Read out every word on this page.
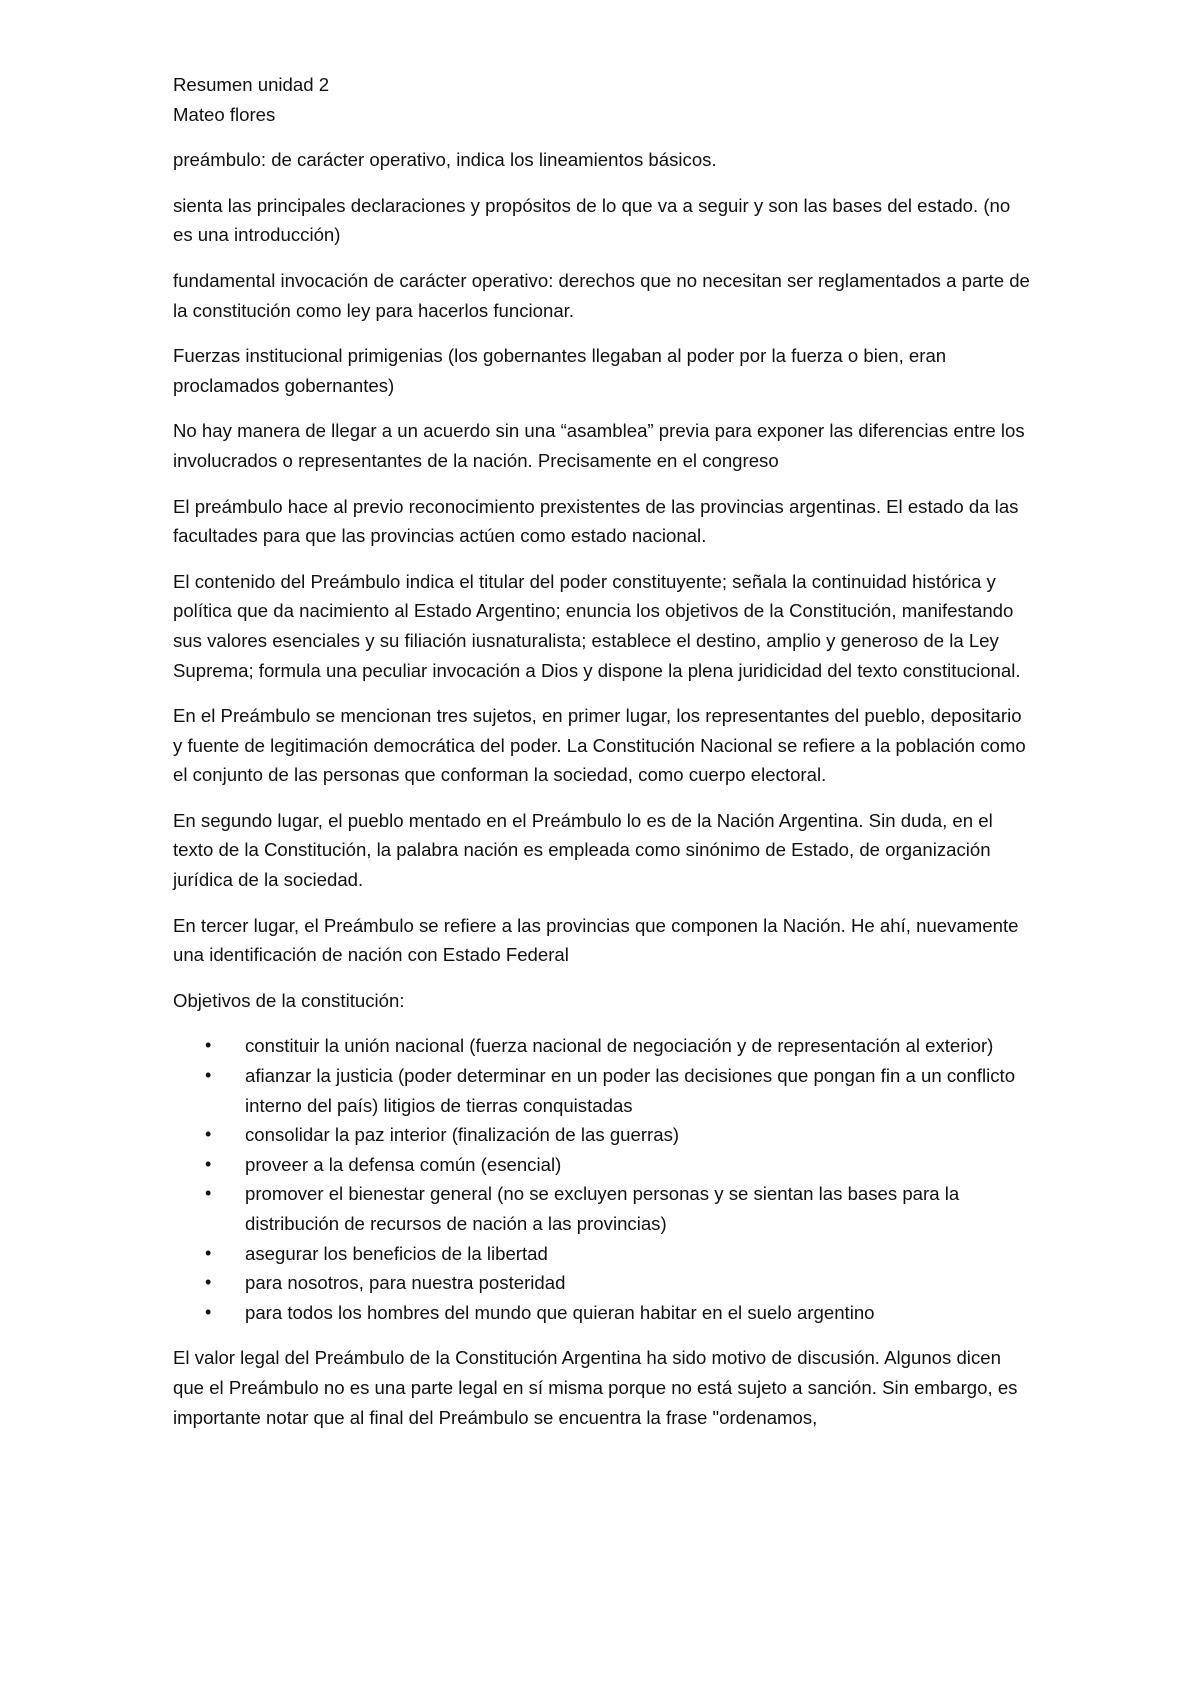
Resumen unidad 2

Mateo flores

preámbulo: de carácter operativo, indica los lineamientos básicos.

sienta las principales declaraciones y propósitos de lo que va a seguir y son las bases del estado. (no es una introducción)

fundamental invocación de carácter operativo: derechos que no necesitan ser reglamentados a parte de la constitución como ley para hacerlos funcionar.

Fuerzas institucional primigenias (los gobernantes llegaban al poder por la fuerza o bien, eran proclamados gobernantes)

No hay manera de llegar a un acuerdo sin una “asamblea” previa para exponer las diferencias entre los involucrados o representantes de la nación. Precisamente en el congreso

El preámbulo hace al previo reconocimiento prexistentes de las provincias argentinas. El estado da las facultades para que las provincias actúen como estado nacional.

El contenido del Preámbulo indica el titular del poder constituyente; señala la continuidad histórica y política que da nacimiento al Estado Argentino; enuncia los objetivos de la Constitución, manifestando sus valores esenciales y su filiación iusnaturalista; establece el destino, amplio y generoso de la Ley Suprema; formula una peculiar invocación a Dios y dispone la plena juridicidad del texto constitucional.

En el Preámbulo se mencionan tres sujetos, en primer lugar, los representantes del pueblo, depositario y fuente de legitimación democrática del poder. La Constitución Nacional se refiere a la población como el conjunto de las personas que conforman la sociedad, como cuerpo electoral.

En segundo lugar, el pueblo mentado en el Preámbulo lo es de la Nación Argentina. Sin duda, en el texto de la Constitución, la palabra nación es empleada como sinónimo de Estado, de organización jurídica de la sociedad.

En tercer lugar, el Preámbulo se refiere a las provincias que componen la Nación. He ahí, nuevamente una identificación de nación con Estado Federal

Objetivos de la constitución:

• constituir la unión nacional (fuerza nacional de negociación y de representación al exterior)
• afianzar la justicia (poder determinar en un poder las decisiones que pongan fin a un conflicto interno del país) litigios de tierras conquistadas
• consolidar la paz interior (finalización de las guerras)
• proveer a la defensa común (esencial)
• promover el bienestar general (no se excluyen personas y se sientan las bases para la distribución de recursos de nación a las provincias)
• asegurar los beneficios de la libertad
• para nosotros, para nuestra posteridad
• para todos los hombres del mundo que quieran habitar en el suelo argentino

El valor legal del Preámbulo de la Constitución Argentina ha sido motivo de discusión. Algunos dicen que el Preámbulo no es una parte legal en sí misma porque no está sujeto a sanción. Sin embargo, es importante notar que al final del Preámbulo se encuentra la frase "ordenamos,
